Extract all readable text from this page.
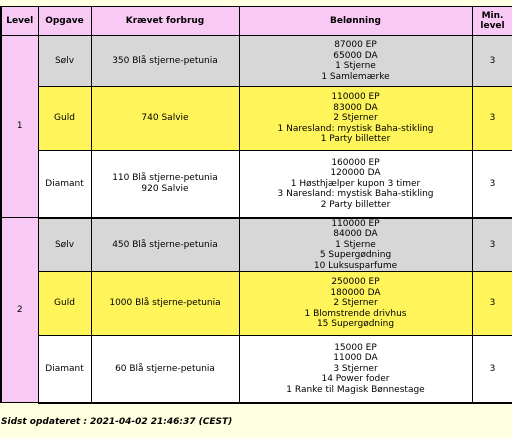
Level	Opgave	Krævet forbrug	Belønning	Min. level
1	Sølv	350 Blå stjerne-petunia	87000 EP
65000 DA
1 Stjerne
1 Samlemærke	3
	Guld	740 Salvie	110000 EP
83000 DA
2 Stjerner
1 Naresland: mystisk Baha-stikling
1 Party billetter	3
	Diamant	110 Blå stjerne-petunia
920 Salvie	160000 EP
120000 DA
1 Høsthjælper kupon 3 timer
3 Naresland: mystisk Baha-stikling
2 Party billetter	3
2	Sølv	450 Blå stjerne-petunia	110000 EP
84000 DA
1 Stjerne
5 Supergødning
10 Luksusparfume	3
	Guld	1000 Blå stjerne-petunia	250000 EP
180000 DA
2 Stjerner
1 Blomstrende drivhus
15 Supergødning	3
	Diamant	60 Blå stjerne-petunia	15000 EP
11000 DA
3 Stjerner
14 Power foder
1 Ranke til Magisk Bønnestage	3
Sidst opdateret : 2021-04-02 21:46:37 (CEST)
